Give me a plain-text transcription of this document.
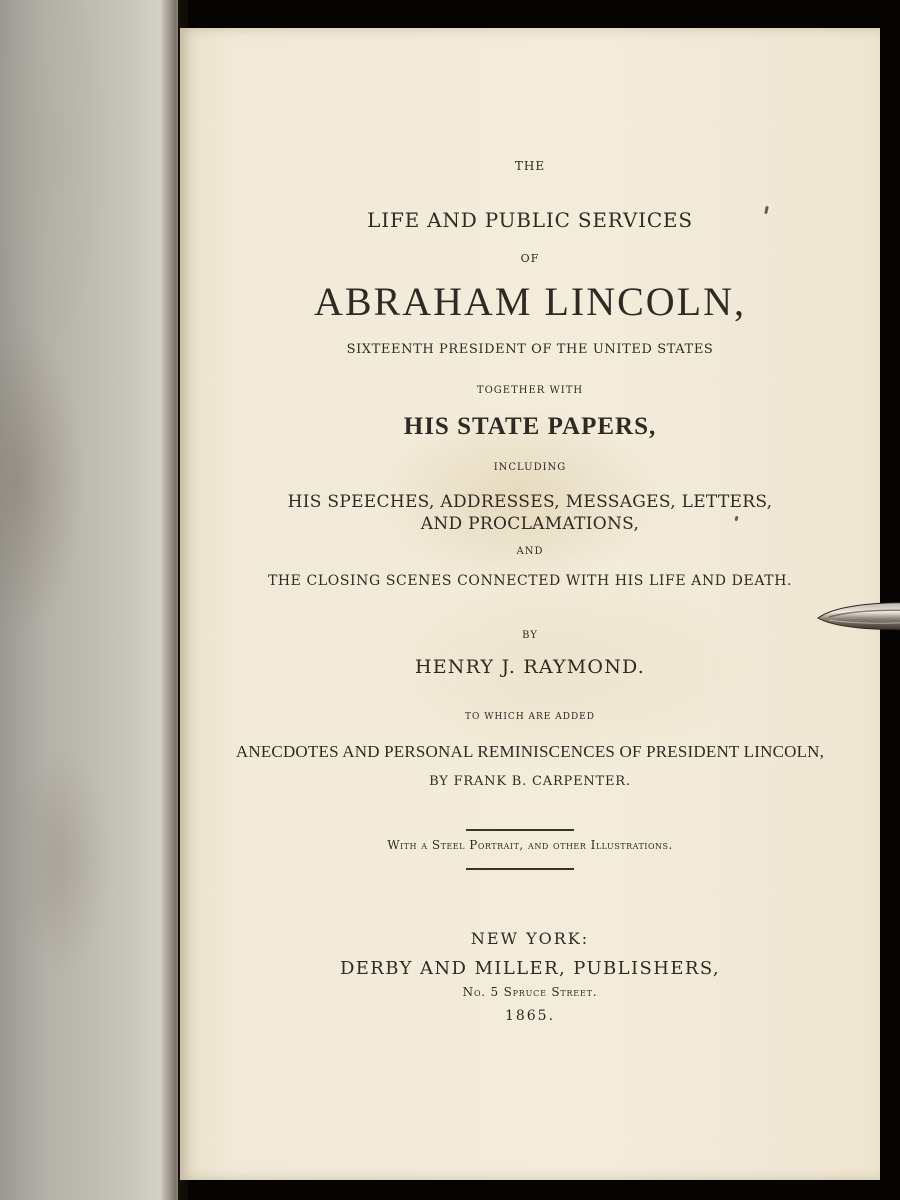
THE
LIFE AND PUBLIC SERVICES
OF
ABRAHAM LINCOLN,
SIXTEENTH PRESIDENT OF THE UNITED STATES
TOGETHER WITH
HIS STATE PAPERS,
INCLUDING
HIS SPEECHES, ADDRESSES, MESSAGES, LETTERS,
AND PROCLAMATIONS,
AND
THE CLOSING SCENES CONNECTED WITH HIS LIFE AND DEATH.
BY
HENRY J. RAYMOND.
TO WHICH ARE ADDED
ANECDOTES AND PERSONAL REMINISCENCES OF PRESIDENT LINCOLN,
BY FRANK B. CARPENTER.
With a Steel Portrait, and other Illustrations.
NEW YORK:
DERBY AND MILLER, PUBLISHERS,
No. 5 Spruce Street.
1865.
